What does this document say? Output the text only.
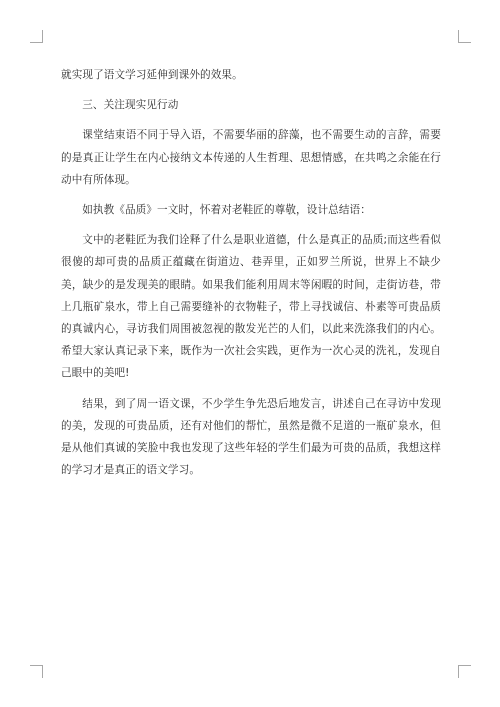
就实现了语文学习延伸到课外的效果。

三、关注现实见行动

课堂结束语不同于导入语，不需要华丽的辞藻，也不需要生动的言辞，需要的是真正让学生在内心接纳文本传递的人生哲理、思想情感，在共鸣之余能在行动中有所体现。

如执教《品质》一文时，怀着对老鞋匠的尊敬，设计总结语：

文中的老鞋匠为我们诠释了什么是职业道德，什么是真正的品质;而这些看似很傻的却可贵的品质正蕴藏在街道边、巷弄里，正如罗兰所说，世界上不缺少美，缺少的是发现美的眼睛。如果我们能利用周末等闲暇的时间，走街访巷，带上几瓶矿泉水，带上自己需要缝补的衣物鞋子，带上寻找诚信、朴素等可贵品质的真诚内心，寻访我们周围被忽视的散发光芒的人们，以此来洗涤我们的内心。希望大家认真记录下来，既作为一次社会实践，更作为一次心灵的洗礼，发现自己眼中的美吧!

结果，到了周一语文课，不少学生争先恐后地发言，讲述自己在寻访中发现的美，发现的可贵品质，还有对他们的帮忙，虽然是微不足道的一瓶矿泉水，但是从他们真诚的笑脸中我也发现了这些年轻的学生们最为可贵的品质，我想这样的学习才是真正的语文学习。
